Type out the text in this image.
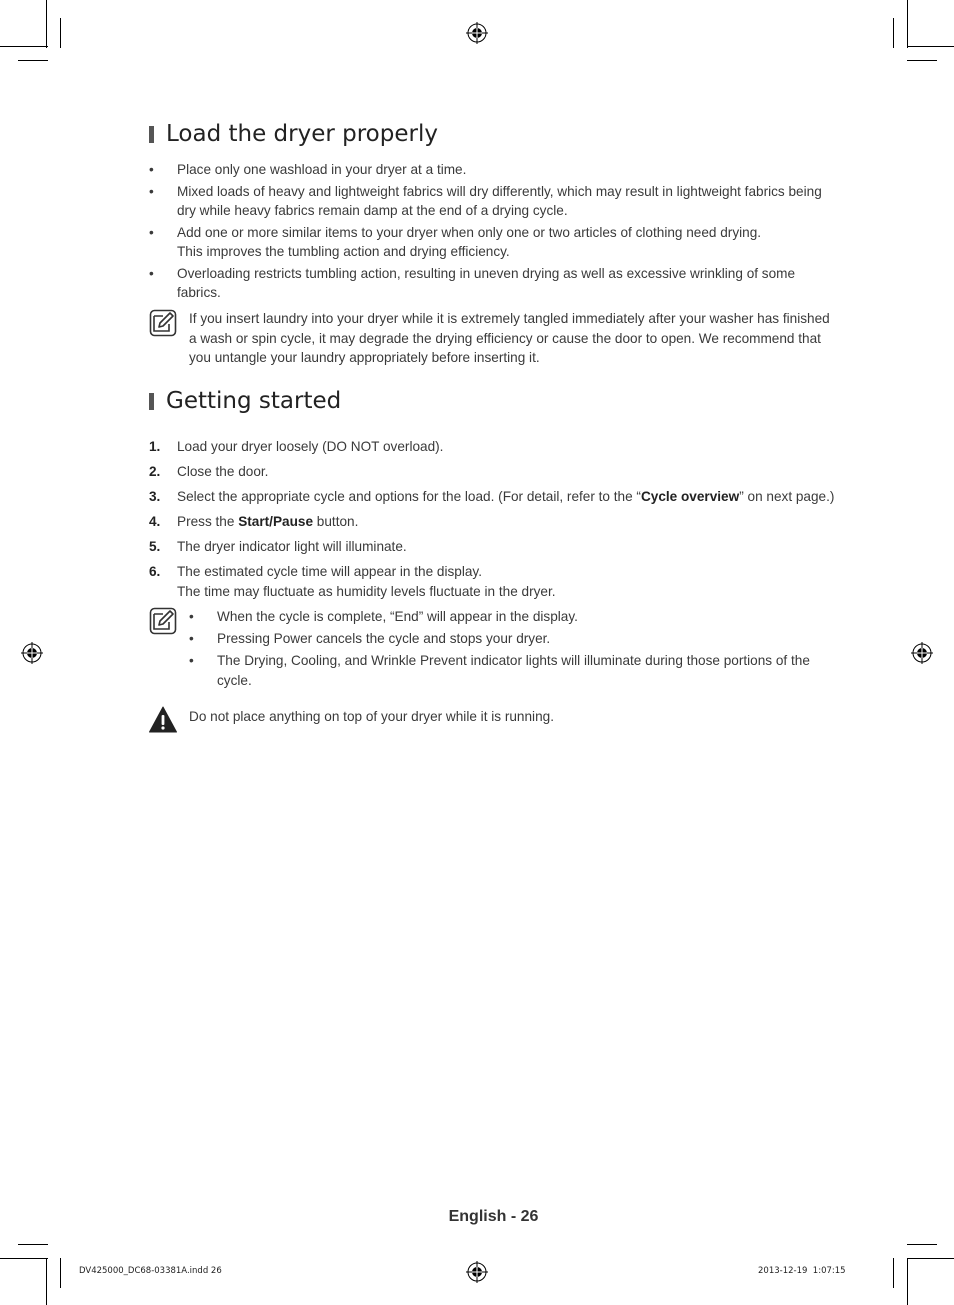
Load the dryer properly
• Place only one washload in your dryer at a time.
• Mixed loads of heavy and lightweight fabrics will dry differently, which may result in lightweight fabrics being dry while heavy fabrics remain damp at the end of a drying cycle.
• Add one or more similar items to your dryer when only one or two articles of clothing need drying.
This improves the tumbling action and drying efficiency.
• Overloading restricts tumbling action, resulting in uneven drying as well as excessive wrinkling of some fabrics.
If you insert laundry into your dryer while it is extremely tangled immediately after your washer has finished a wash or spin cycle, it may degrade the drying efficiency or cause the door to open. We recommend that you untangle your laundry appropriately before inserting it.
Getting started
1. Load your dryer loosely (DO NOT overload).
2. Close the door.
3. Select the appropriate cycle and options for the load. (For detail, refer to the “Cycle overview” on next page.)
4. Press the Start/Pause button.
5. The dryer indicator light will illuminate.
6. The estimated cycle time will appear in the display.
The time may fluctuate as humidity levels fluctuate in the dryer.
• When the cycle is complete, “End” will appear in the display.
• Pressing Power cancels the cycle and stops your dryer.
• The Drying, Cooling, and Wrinkle Prevent indicator lights will illuminate during those portions of the cycle.
Do not place anything on top of your dryer while it is running.
English - 26
DV425000_DC68-03381A.indd 26	2013-12-19 ￼￼ 1:07:15
